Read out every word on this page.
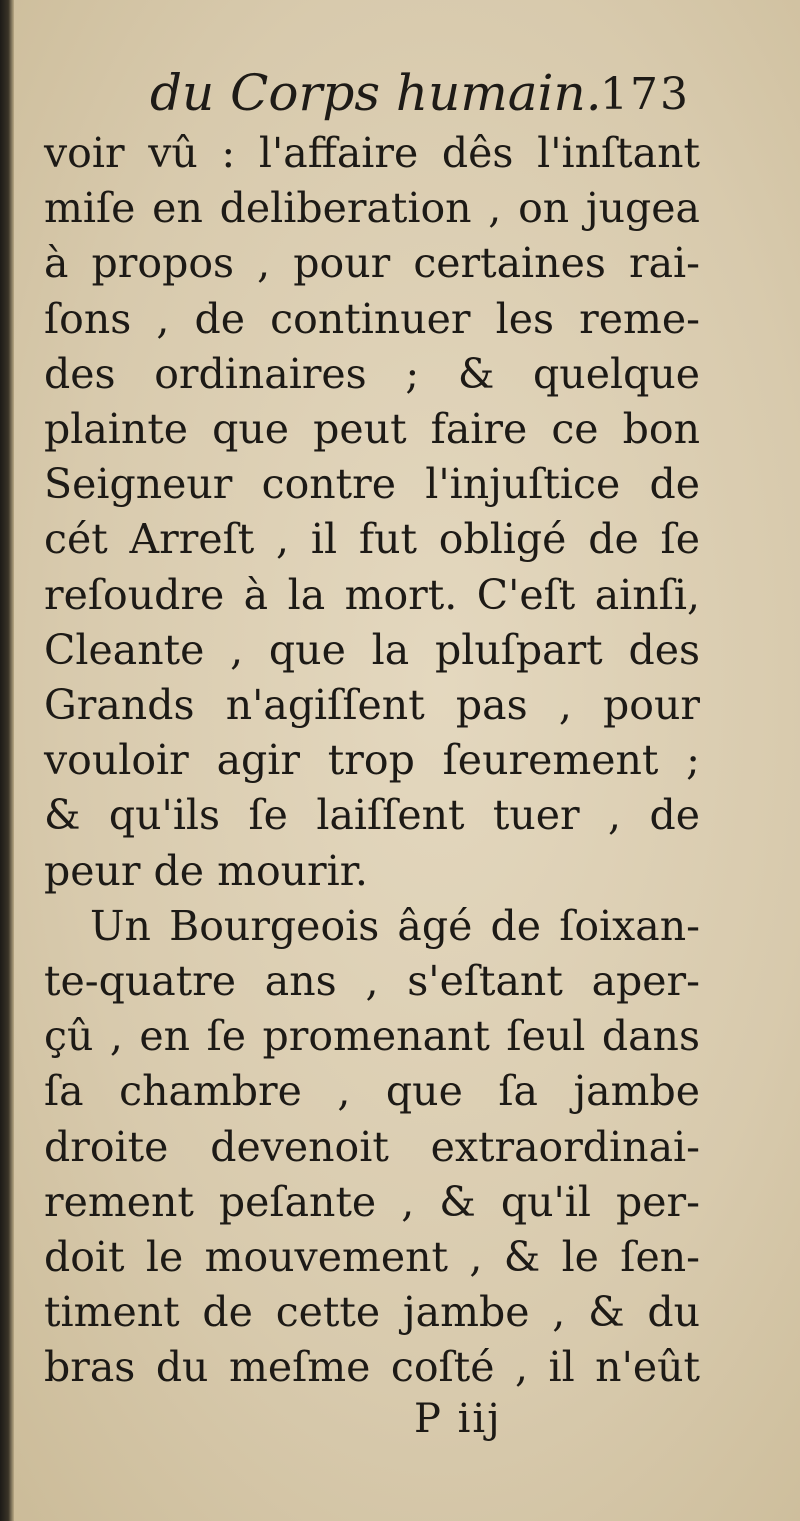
du Corps humain.
173
voir vû : l'affaire dês l'inſtant
miſe en deliberation , on jugea
à propos , pour certaines rai-
ſons , de continuer les reme-
des ordinaires ; & quelque
plainte que peut faire ce bon
Seigneur contre l'injuſtice de
cét Arreſt , il fut obligé de ſe
reſoudre à la mort. C'eſt ainſi,
Cleante , que la pluſpart des
Grands n'agiſſent pas , pour
vouloir agir trop ſeurement ;
& qu'ils ſe laiſſent tuer , de
peur de mourir.
Un Bourgeois âgé de ſoixan-
te-quatre ans , s'eſtant aper-
çû , en ſe promenant ſeul dans
ſa chambre , que ſa jambe
droite devenoit extraordinai-
rement peſante , & qu'il per-
doit le mouvement , & le ſen-
timent de cette jambe , & du
bras du meſme coſté , il n'eût
P iij
